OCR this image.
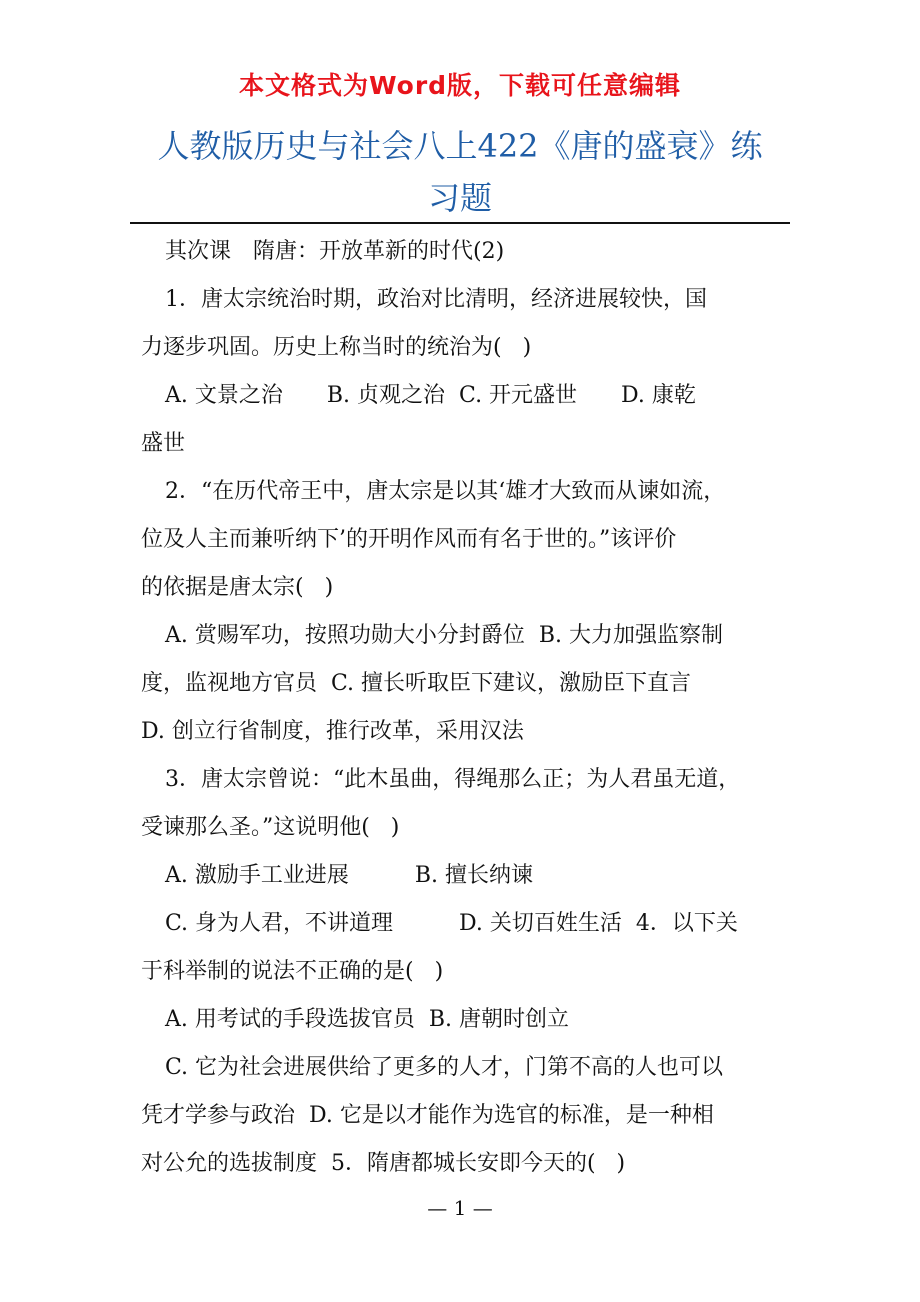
本文格式为Word版，下载可任意编辑
人教版历史与社会八上422《唐的盛衰》练
习题
其次课　隋唐：开放革新的时代(2)
1．唐太宗统治时期，政治对比清明，经济进展较快，国
力逐步巩固。历史上称当时的统治为(   )
A. 文景之治　　B. 贞观之治  C. 开元盛世　　D. 康乾
盛世
2．“在历代帝王中，唐太宗是以其‘雄才大致而从谏如流，
位及人主而兼听纳下’的开明作风而有名于世的。”该评价
的依据是唐太宗(   )
A. 赏赐军功，按照功勋大小分封爵位  B. 大力加强监察制
度，监视地方官员  C. 擅长听取臣下建议，激励臣下直言
D. 创立行省制度，推行改革，采用汉法
3．唐太宗曾说：“此木虽曲，得绳那么正；为人君虽无道，
受谏那么圣。”这说明他(   )
A. 激励手工业进展　　　B. 擅长纳谏
C. 身为人君，不讲道理　　　D. 关切百姓生活  4．以下关
于科举制的说法不正确的是(   )
A. 用考试的手段选拔官员  B. 唐朝时创立
C. 它为社会进展供给了更多的人才，门第不高的人也可以
凭才学参与政治  D. 它是以才能作为选官的标准，是一种相
对公允的选拔制度  5．隋唐都城长安即今天的(   )
— 1 —
